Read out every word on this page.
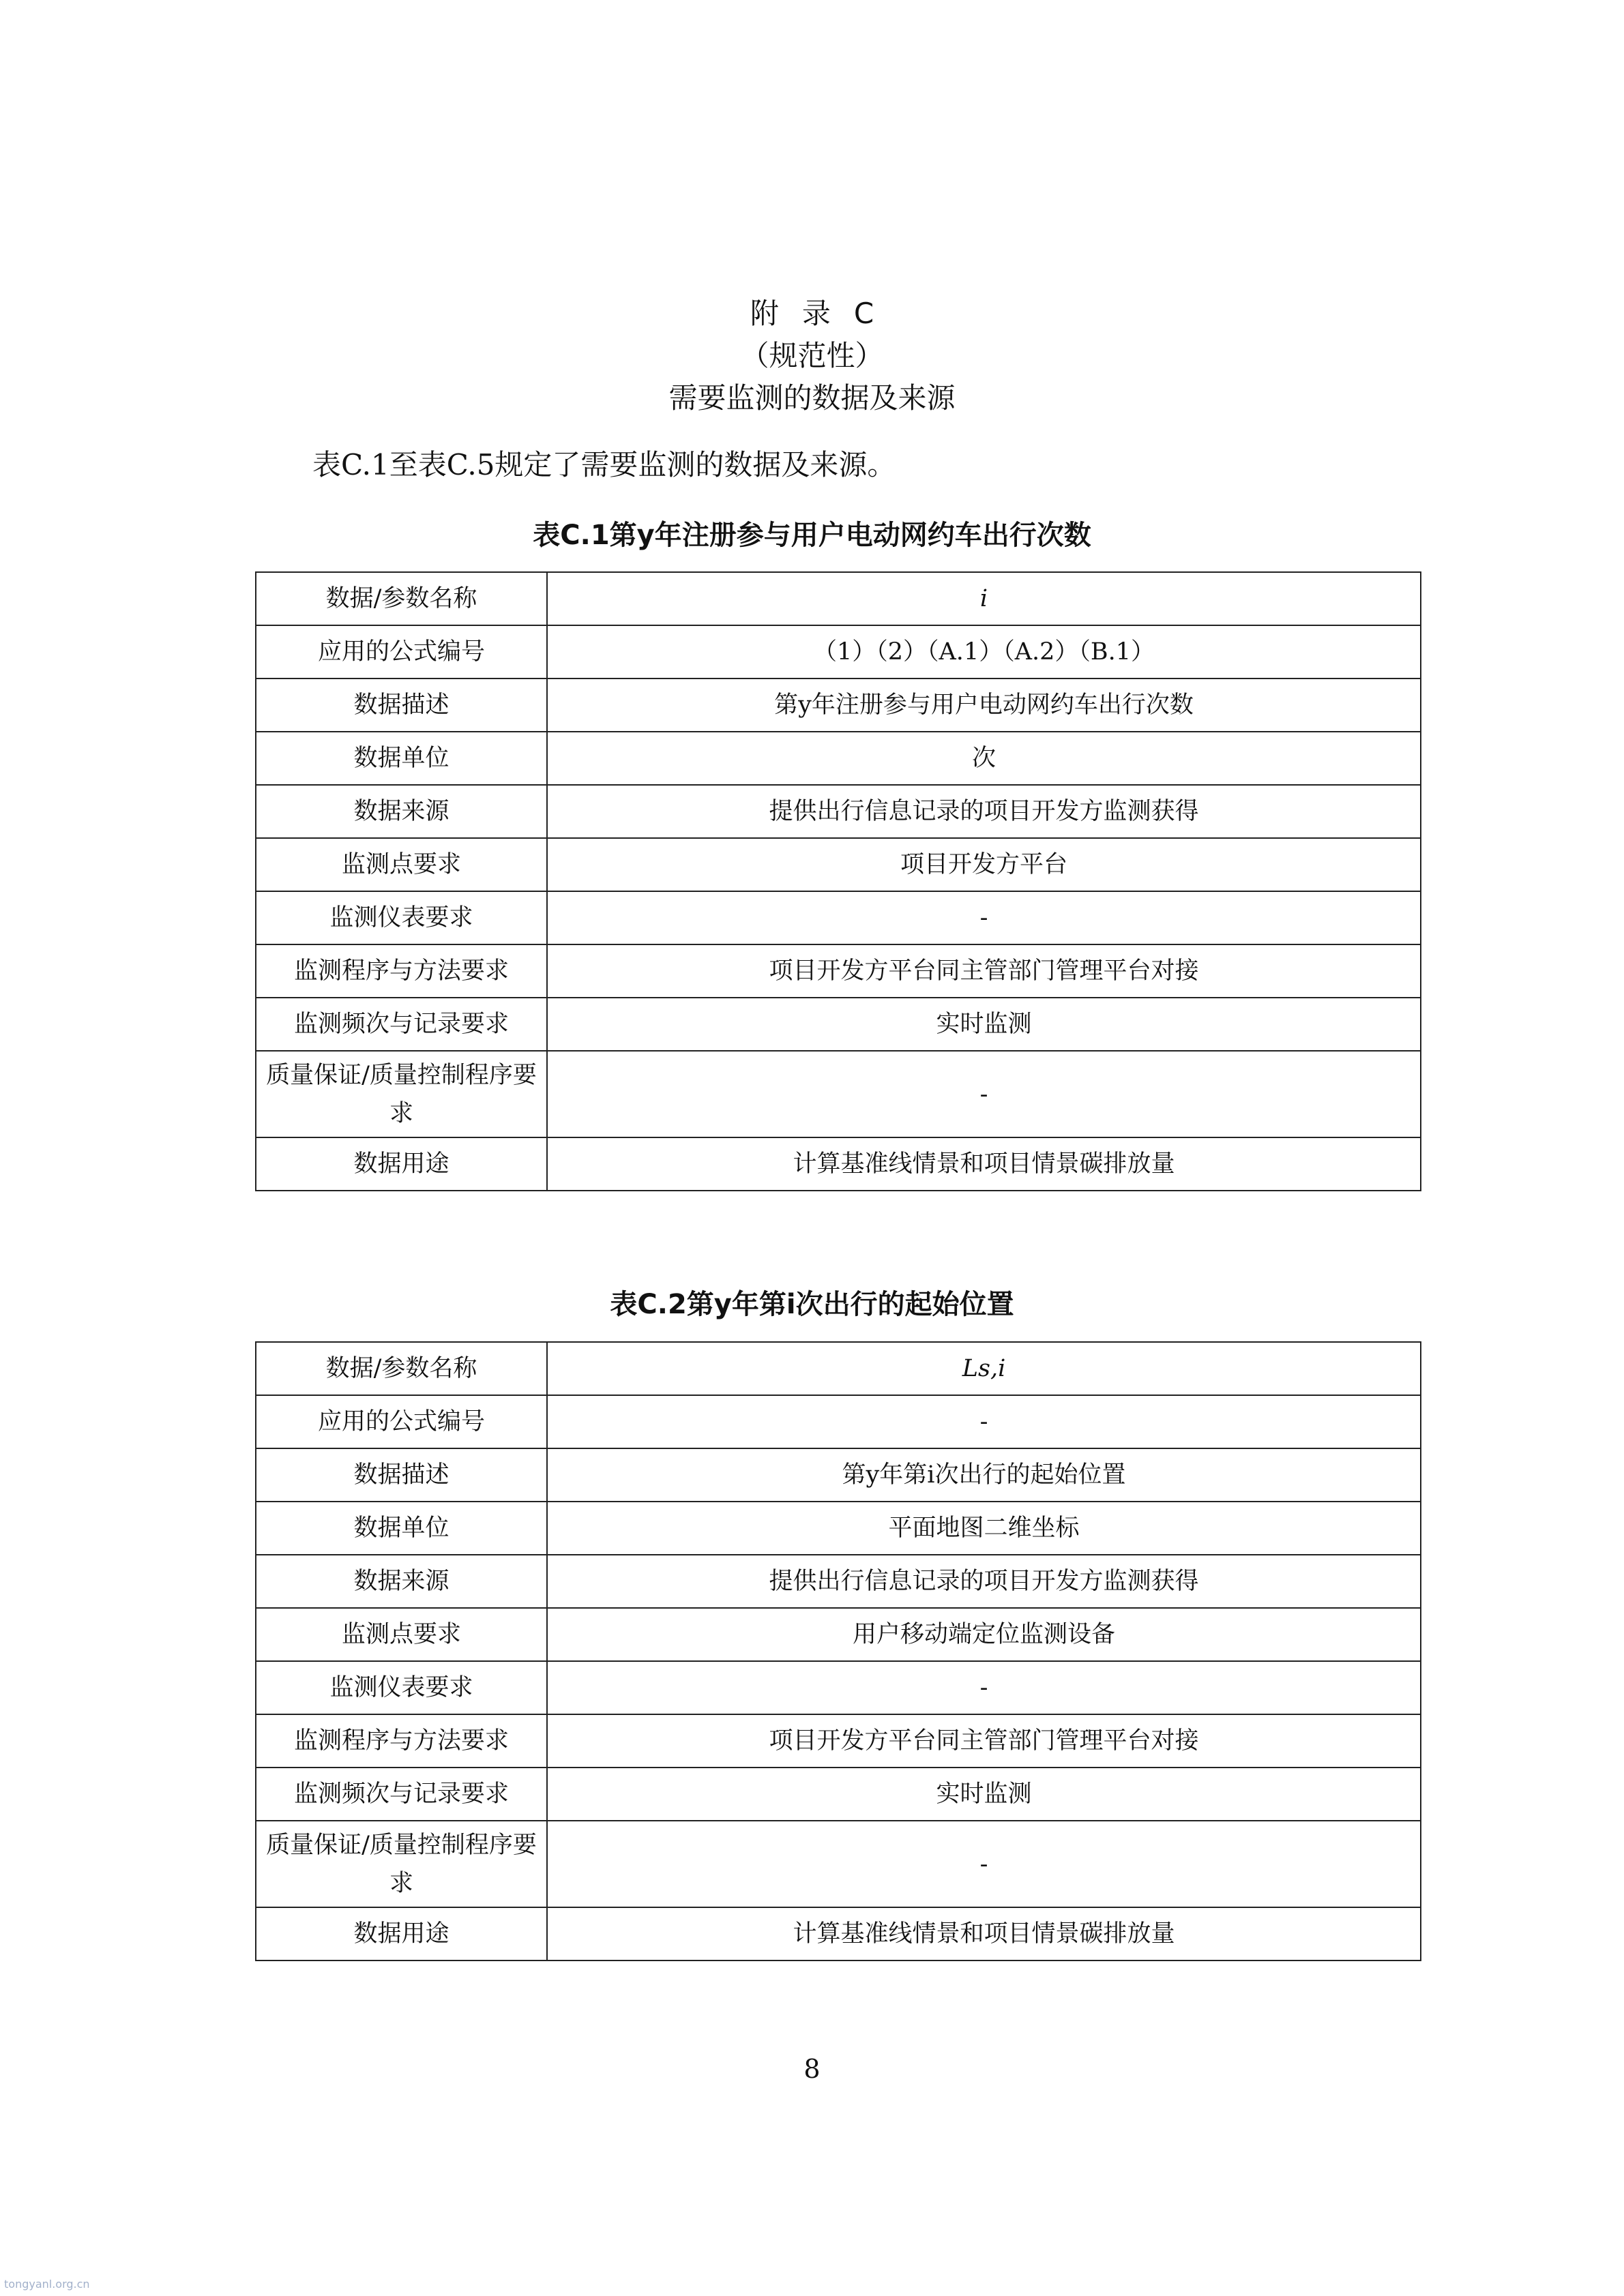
附录C
（规范性）
需要监测的数据及来源
表C.1至表C.5规定了需要监测的数据及来源。
表C.1第y年注册参与用户电动网约车出行次数
数据/参数名称	i
应用的公式编号	（1）（2）（A.1）（A.2）（B.1）
数据描述	第y年注册参与用户电动网约车出行次数
数据单位	次
数据来源	提供出行信息记录的项目开发方监测获得
监测点要求	项目开发方平台
监测仪表要求	-
监测程序与方法要求	项目开发方平台同主管部门管理平台对接
监测频次与记录要求	实时监测
质量保证/质量控制程序要求	-
数据用途	计算基准线情景和项目情景碳排放量
表C.2第y年第i次出行的起始位置
数据/参数名称	Ls,i
应用的公式编号	-
数据描述	第y年第i次出行的起始位置
数据单位	平面地图二维坐标
数据来源	提供出行信息记录的项目开发方监测获得
监测点要求	用户移动端定位监测设备
监测仪表要求	-
监测程序与方法要求	项目开发方平台同主管部门管理平台对接
监测频次与记录要求	实时监测
质量保证/质量控制程序要求	-
数据用途	计算基准线情景和项目情景碳排放量
8
tongyanl.org.cn
